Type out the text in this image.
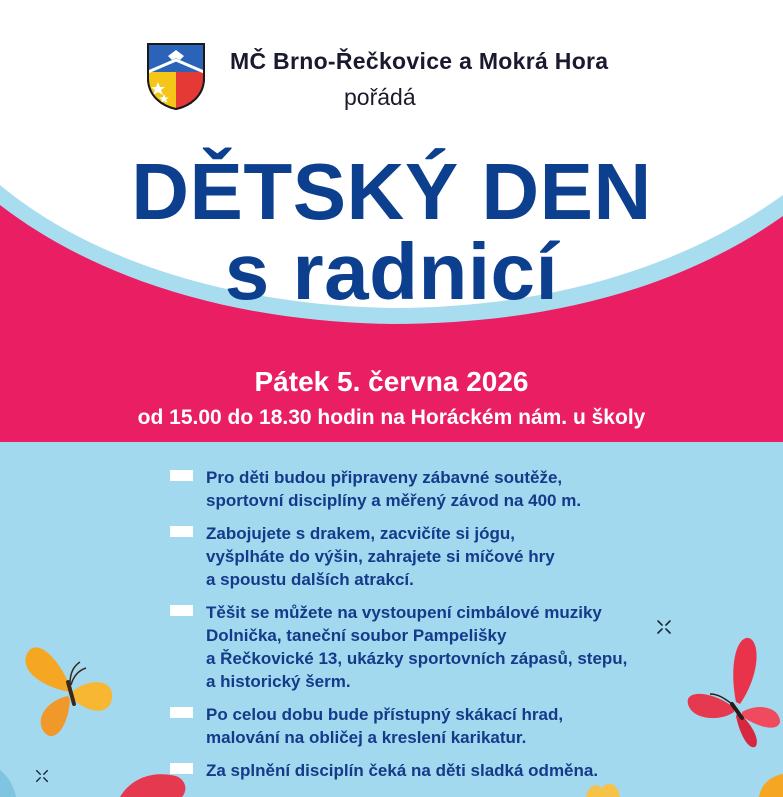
MČ Brno-Řečkovice a Mokrá Hora
pořádá
DĚTSKÝ DEN
s radnicí
Pátek 5. června 2026
od 15.00 do 18.30 hodin na Horáckém nám. u školy
Pro děti budou připraveny zábavné soutěže,
sportovní disciplíny a měřený závod na 400 m.
Zabojujete s drakem, zacvičíte si jógu,
vyšplháte do výšin, zahrajete si míčové hry
a spoustu dalších atrakcí.
Těšit se můžete na vystoupení cimbálové muziky
Dolnička, taneční soubor Pampelišky
a Řečkovické 13, ukázky sportovních zápasů, stepu,
a historický šerm.
Po celou dobu bude přístupný skákací hrad,
malování na obličej a kreslení karikatur.
Za splnění disciplín čeká na děti sladká odměna.
